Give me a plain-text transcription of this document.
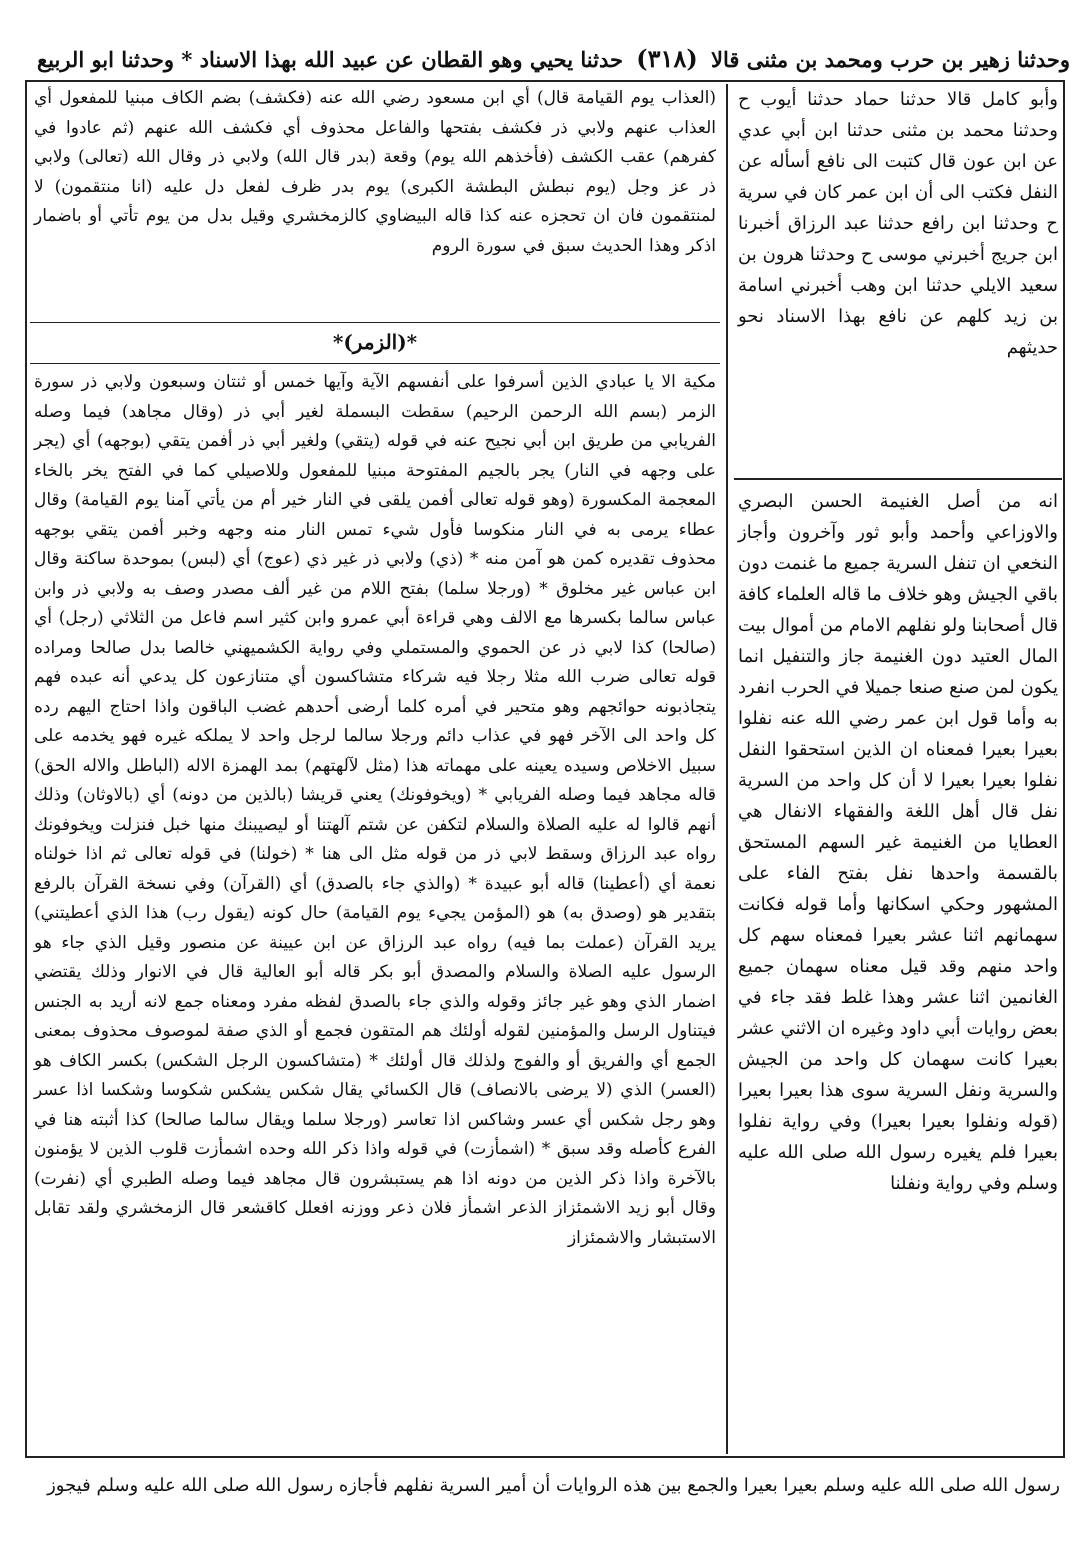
وحدثنا زهير بن حرب ومحمد بن مثنى قالا (٣١٨) حدثنا يحيي وهو القطان عن عبيد الله بهذا الاسناد * وحدثنا ابو الربيع

وأبو كامل قالا حدثنا حماد حدثنا أيوب ح وحدثنا محمد بن مثنى حدثنا ابن أبي عدي عن ابن عون قال كتبت الى نافع أسأله عن النفل فكتب الى أن ابن عمر كان في سرية ح وحدثنا ابن رافع حدثنا عبد الرزاق أخبرنا ابن جريج أخبرني موسى ح وحدثنا هرون بن سعيد الايلي حدثنا ابن وهب أخبرني اسامة بن زيد كلهم عن نافع بهذا الاسناد نحو حديثهم

انه من أصل الغنيمة الحسن البصري والاوزاعي وأحمد وأبو ثور وآخرون وأجاز النخعي ان تنفل السرية جميع ما غنمت دون باقي الجيش وهو خلاف ما قاله العلماء كافة قال أصحابنا ولو نفلهم الامام من أموال بيت المال العتيد دون الغنيمة جاز والتنفيل انما يكون لمن صنع صنعا جميلا في الحرب انفرد به وأما قول ابن عمر رضي الله عنه نفلوا بعيرا بعيرا فمعناه ان الذين استحقوا النفل نفلوا بعيرا بعيرا لا أن كل واحد من السرية نفل قال أهل اللغة والفقهاء الانفال هي العطايا من الغنيمة غير السهم المستحق بالقسمة واحدها نفل بفتح الفاء على المشهور وحكي اسكانها وأما قوله فكانت سهمانهم اثنا عشر بعيرا فمعناه سهم كل واحد منهم وقد قيل معناه سهمان جميع الغانمين اثنا عشر وهذا غلط فقد جاء في بعض روايات أبي داود وغيره ان الاثني عشر بعيرا كانت سهمان كل واحد من الجيش والسرية ونفل السرية سوى هذا بعيرا بعيرا (قوله ونفلوا بعيرا بعيرا) وفي رواية نفلوا بعيرا فلم يغيره رسول الله صلى الله عليه وسلم وفي رواية ونفلنا

(العذاب يوم القيامة قال) أي ابن مسعود رضي الله عنه (فكشف) بضم الكاف مبنيا للمفعول أي العذاب عنهم ولابي ذر فكشف بفتحها والفاعل محذوف أي فكشف الله عنهم (ثم عادوا في كفرهم) عقب الكشف (فأخذهم الله يوم) وقعة (بدر قال الله) ولابي ذر وقال الله (تعالى) ولابي ذر عز وجل (يوم نبطش البطشة الكبرى) يوم بدر ظرف لفعل دل عليه (انا منتقمون) لا لمنتقمون فان ان تحجزه عنه كذا قاله البيضاوي كالزمخشري وقيل بدل من يوم تأتي أو باضمار اذكر وهذا الحديث سبق في سورة الروم

*(الزمر)*

مكية الا يا عبادي الذين أسرفوا على أنفسهم الآية وآيها خمس أو ثنتان وسبعون ولابي ذر سورة الزمر (بسم الله الرحمن الرحيم) سقطت البسملة لغير أبي ذر (وقال مجاهد) فيما وصله الفريابي من طريق ابن أبي نجيح عنه في قوله (يتقي) ولغير أبي ذر أفمن يتقي (بوجهه) أي (يجر على وجهه في النار) يجر بالجيم المفتوحة مبنيا للمفعول وللاصيلي كما في الفتح يخر بالخاء المعجمة المكسورة (وهو قوله تعالى أفمن يلقى في النار خير أم من يأتي آمنا يوم القيامة) وقال عطاء يرمى به في النار منكوسا فأول شيء تمس النار منه وجهه وخبر أفمن يتقي بوجهه محذوف تقديره كمن هو آمن منه * (ذي) ولابي ذر غير ذي (عوج) أي (لبس) بموحدة ساكنة وقال ابن عباس غير مخلوق * (ورجلا سلما) بفتح اللام من غير ألف مصدر وصف به ولابي ذر وابن عباس سالما بكسرها مع الالف وهي قراءة أبي عمرو وابن كثير اسم فاعل من الثلاثي (رجل) أي (صالحا) كذا لابي ذر عن الحموي والمستملي وفي رواية الكشميهني خالصا بدل صالحا ومراده قوله تعالى ضرب الله مثلا رجلا فيه شركاء متشاكسون أي متنازعون كل يدعي أنه عبده فهم يتجاذبونه حوائجهم وهو متحير في أمره كلما أرضى أحدهم غضب الباقون واذا احتاج اليهم رده كل واحد الى الآخر فهو في عذاب دائم ورجلا سالما لرجل واحد لا يملكه غيره فهو يخدمه على سبيل الاخلاص وسيده يعينه على مهماته هذا (مثل لآلهتهم) بمد الهمزة الاله (الباطل والاله الحق) قاله مجاهد فيما وصله الفريابي * (ويخوفونك) يعني قريشا (بالذين من دونه) أي (بالاوثان) وذلك أنهم قالوا له عليه الصلاة والسلام لتكفن عن شتم آلهتنا أو ليصيبنك منها خبل فنزلت ويخوفونك رواه عبد الرزاق وسقط لابي ذر من قوله مثل الى هنا * (خولنا) في قوله تعالى ثم اذا خولناه نعمة أي (أعطينا) قاله أبو عبيدة * (والذي جاء بالصدق) أي (القرآن) وفي نسخة القرآن بالرفع بتقدير هو (وصدق به) هو (المؤمن يجيء يوم القيامة) حال كونه (يقول رب) هذا الذي أعطيتني) يريد القرآن (عملت بما فيه) رواه عبد الرزاق عن ابن عيينة عن منصور وقيل الذي جاء هو الرسول عليه الصلاة والسلام والمصدق أبو بكر قاله أبو العالية قال في الانوار وذلك يقتضي اضمار الذي وهو غير جائز وقوله والذي جاء بالصدق لفظه مفرد ومعناه جمع لانه أريد به الجنس فيتناول الرسل والمؤمنين لقوله أولئك هم المتقون فجمع أو الذي صفة لموصوف محذوف بمعنى الجمع أي والفريق أو والفوج ولذلك قال أولئك * (متشاكسون الرجل الشكس) بكسر الكاف هو (العسر) الذي (لا يرضى بالانصاف) قال الكسائي يقال شكس يشكس شكوسا وشكسا اذا عسر وهو رجل شكس أي عسر وشاكس اذا تعاسر (ورجلا سلما ويقال سالما صالحا) كذا أثبته هنا في الفرع كأصله وقد سبق * (اشمأزت) في قوله واذا ذكر الله وحده اشمأزت قلوب الذين لا يؤمنون بالآخرة واذا ذكر الذين من دونه اذا هم يستبشرون قال مجاهد فيما وصله الطبري أي (نفرت) وقال أبو زيد الاشمئزاز الذعر اشمأز فلان ذعر ووزنه افعلل كاقشعر قال الزمخشري ولقد تقابل الاستبشار والاشمئزاز

رسول الله صلى الله عليه وسلم بعيرا بعيرا والجمع بين هذه الروايات أن أمير السرية نفلهم فأجازه رسول الله صلى الله عليه وسلم فيجوز
